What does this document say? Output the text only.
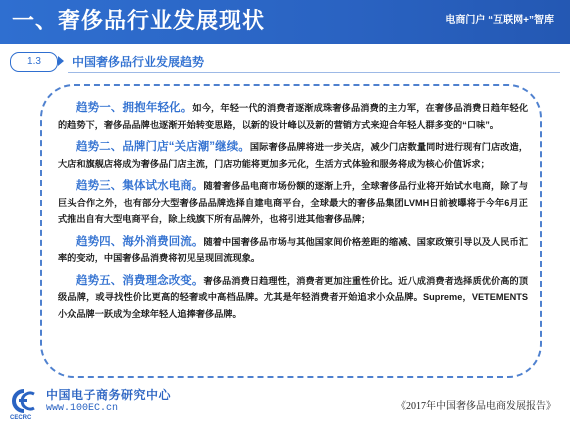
一、奢侈品行业发展现状	电商门户 “互联网+”智库
1.3	中国奢侈品行业发展趋势

趋势一、拥抱年轻化。如今，年轻一代的消费者逐渐成珠奢侈品消费的主力军，在奢侈品消费日趋年轻化的趋势下，奢侈品品牌也逐渐开始转变思路，以新的设计峰以及新的营销方式来迎合年轻人群多变的“口味”。

趋势二、品牌门店“关店潮”继续。国际奢侈品牌将进一步关店，减少门店数量同时进行现有门店改造，大店和旗舰店将成为奢侈品门店主流，门店功能将更加多元化，生活方式体验和服务将成为核心价值诉求；

趋势三、集体试水电商。随着奢侈品电商市场份额的逐渐上升，全球奢侈品行业将开始试水电商，除了与巨头合作之外，也有部分大型奢侈品品牌选择自建电商平台，全球最大的奢侈品集团LVMH日前被曝将于今年6月正式推出自有大型电商平台，除上线旗下所有品牌外，也将引进其他奢侈品牌；

趋势四、海外消费回流。随着中国奢侈品市场与其他国家间价格差距的缩减、国家政策引导以及人民币汇率的变动，中国奢侈品消费将初见呈现回流现象。

趋势五、消费理念改变。奢侈品消费日趋理性，消费者更加注重性价比。近八成消费者选择质优价高的顶级品牌，或寻找性价比更高的轻奢或中高档品牌。尤其是年轻消费者开始追求小众品牌。Supreme，VETEMENTS小众品牌一跃成为全球年轻人追捧奢侈品牌。

中国电子商务研究中心
www.100EC.cn
CECRC
《2017年中国奢侈品电商发展报告》
